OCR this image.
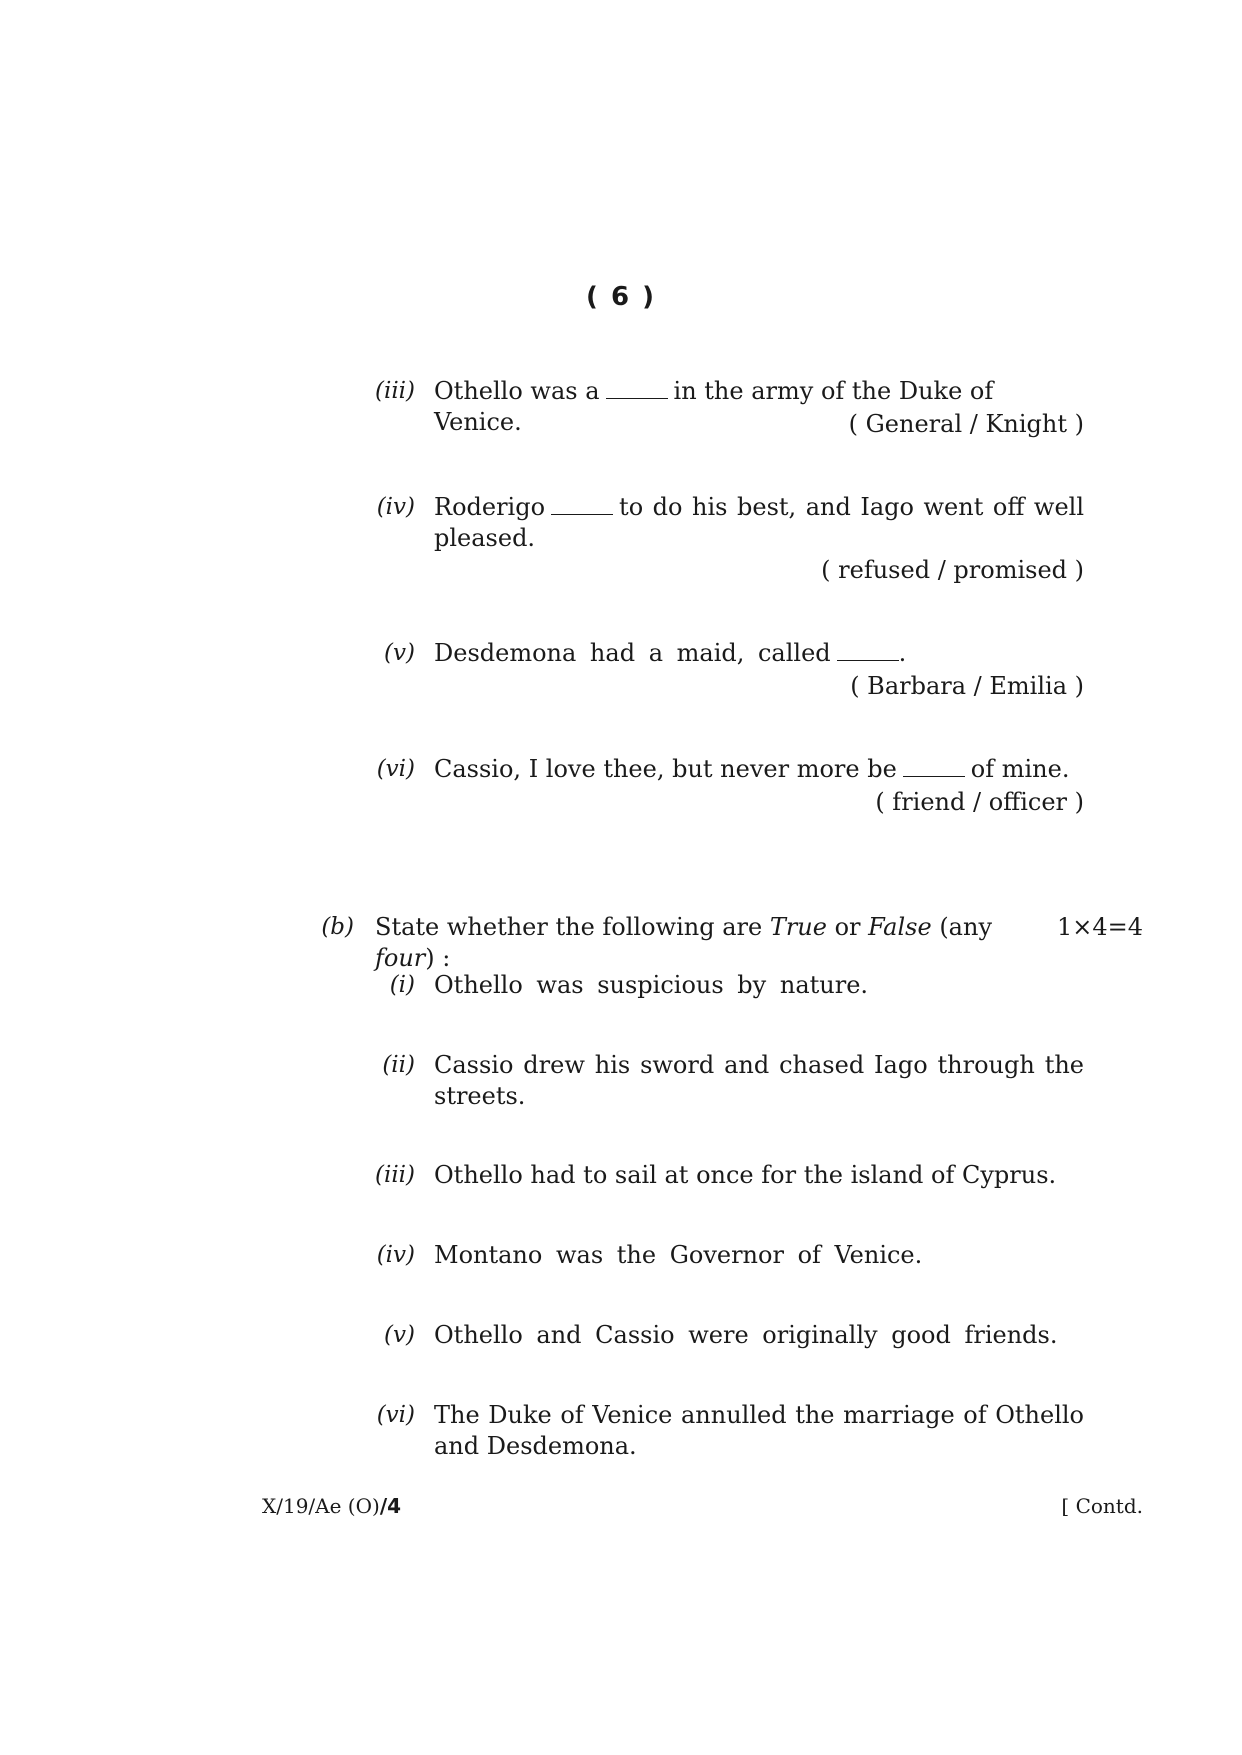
( 6 )
(iii) Othello was a	in the army of the Duke of Venice.	( General / Knight )
(iv) Roderigo	to do his best, and Iago went off well pleased.
( refused / promised )
(v) Desdemona had a maid, called	.
( Barbara / Emilia )
(vi) Cassio, I love thee, but never more be	of mine.
( friend / officer )
(b) State whether the following are True or False (any four) :
1×4=4
(i) Othello was suspicious by nature.
(ii) Cassio drew his sword and chased Iago through the streets.
(iii) Othello had to sail at once for the island of Cyprus.
(iv) Montano was the Governor of Venice.
(v) Othello and Cassio were originally good friends.
(vi) The Duke of Venice annulled the marriage of Othello and Desdemona.
X/19/Ae (O)/4	[ Contd.
